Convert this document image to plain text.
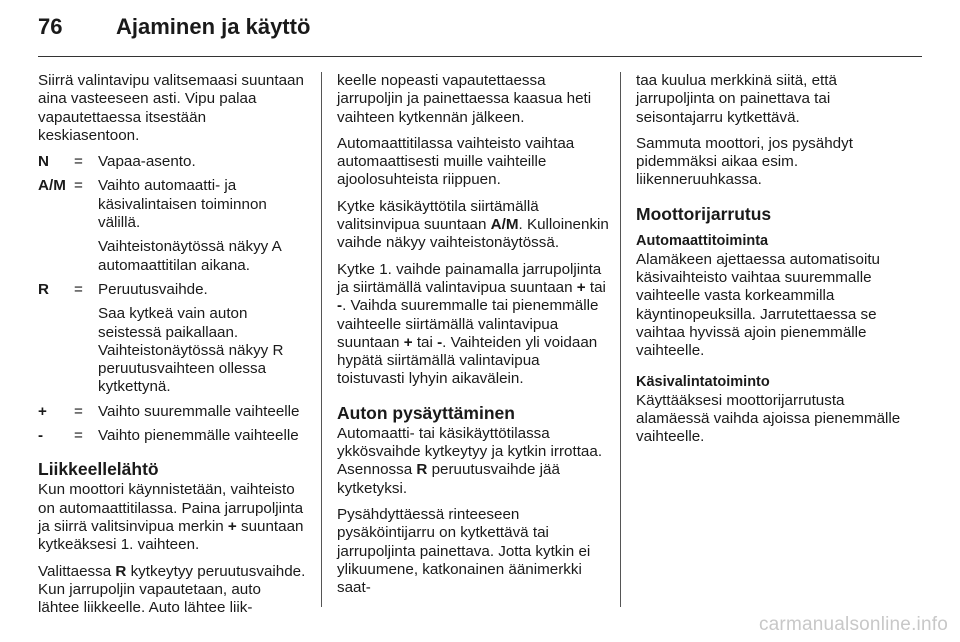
76	Ajaminen ja käyttö

Siirrä valintavipu valitsemaasi suuntaan aina vasteeseen asti. Vipu palaa vapautettaessa itsestään keskiasentoon.

N	= Vapaa-asento.
A/M = Vaihto automaatti- ja käsivalintaisen toiminnon välillä.
Vaihteistonäytössä näkyy A automaattitilan aikana.
R	= Peruutusvaihde.
Saa kytkeä vain auton seistessä paikallaan. Vaihteistonäytössä näkyy R peruutusvaihteen ollessa kytkettynä.
+	= Vaihto suuremmalle vaihteelle
-	= Vaihto pienemmälle vaihteelle
Liikkeellelähtö

Kun moottori käynnistetään, vaihteisto on automaattitilassa. Paina jarrupoljinta ja siirrä valitsinvipua merkin + suuntaan kytkeäksesi 1. vaihteen.

Valittaessa R kytkeytyy peruutusvaihde. Kun jarrupoljin vapautetaan, auto lähtee liikkeelle. Auto lähtee liik-

keelle nopeasti vapautettaessa jarrupoljin ja painettaessa kaasua heti vaihteen kytkennän jälkeen.

Automaattitilassa vaihteisto vaihtaa automaattisesti muille vaihteille ajoolosuhteista riippuen.

Kytke käsikäyttötila siirtämällä valitsinvipua suuntaan A/M. Kulloinenkin vaihde näkyy vaihteistonäytössä.

Kytke 1. vaihde painamalla jarrupoljinta ja siirtämällä valintavipua suuntaan + tai -. Vaihda suuremmalle tai pienemmälle vaihteelle siirtämällä valintavipua suuntaan + tai -. Vaihteiden yli voidaan hypätä siirtämällä valintavipua toistuvasti lyhyin aikavälein.

Auton pysäyttäminen

Automaatti- tai käsikäyttötilassa ykkösvaihde kytkeytyy ja kytkin irrottaa. Asennossa R peruutusvaihde jää kytketyksi.

Pysähdyttäessä rinteeseen pysäköintijarru on kytkettävä tai jarrupoljinta painettava. Jotta kytkin ei ylikuumene, katkonainen äänimerkki saat-

taa kuulua merkkinä siitä, että jarrupoljinta on painettava tai seisontajarru kytkettävä.

Sammuta moottori, jos pysähdyt pidemmäksi aikaa esim. liikenneruuhkassa.

Moottorijarrutus
Automaattitoiminta

Alamäkeen ajettaessa automatisoitu käsivaihteisto vaihtaa suuremmalle vaihteelle vasta korkeammilla käyntinopeuksilla. Jarrutettaessa se vaihtaa hyvissä ajoin pienemmälle vaihteelle.

Käsivalintatoiminto

Käyttääksesi moottorijarrutusta alamäessä vaihda ajoissa pienemmälle vaihteelle.

carmanualsonline.info
